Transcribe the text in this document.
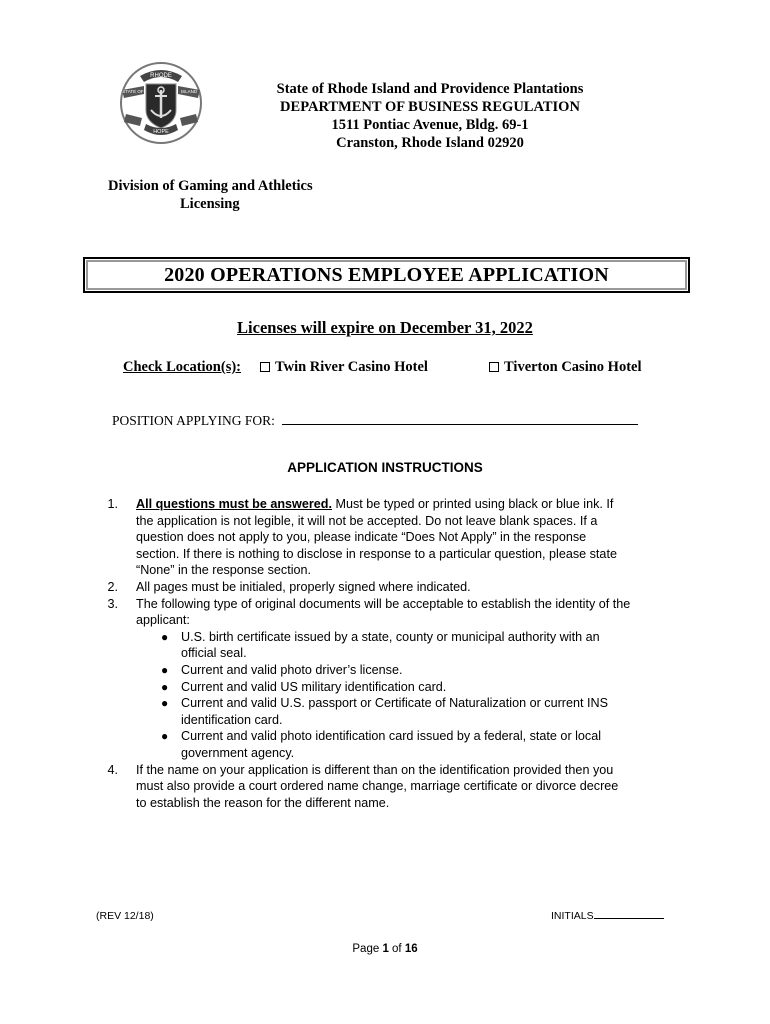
RHODE
STATE OF	ISLAND
HOPE
State of Rhode Island and Providence Plantations
DEPARTMENT OF BUSINESS REGULATION
1511 Pontiac Avenue, Bldg. 69-1
Cranston, Rhode Island 02920
Division of Gaming and Athletics
Licensing
2020 OPERATIONS EMPLOYEE APPLICATION
Licenses will expire on December 31, 2022
Check Location(s):	Twin River Casino Hotel	Tiverton Casino Hotel
POSITION APPLYING FOR:
APPLICATION INSTRUCTIONS
1. All questions must be answered. Must be typed or printed using black or blue ink. If
the application is not legible, it will not be accepted. Do not leave blank spaces. If a
question does not apply to you, please indicate “Does Not Apply” in the response
section. If there is nothing to disclose in response to a particular question, please state
“None” in the response section.
2. All pages must be initialed, properly signed where indicated.
3. The following type of original documents will be acceptable to establish the identity of the
applicant:
● U.S. birth certificate issued by a state, county or municipal authority with an
official seal.
● Current and valid photo driver’s license.
● Current and valid US military identification card.
● Current and valid U.S. passport or Certificate of Naturalization or current INS
identification card.
● Current and valid photo identification card issued by a federal, state or local
government agency.
4. If the name on your application is different than on the identification provided then you
must also provide a court ordered name change, marriage certificate or divorce decree
to establish the reason for the different name.
(REV 12/18)	INITIALS
Page 1 of 16
